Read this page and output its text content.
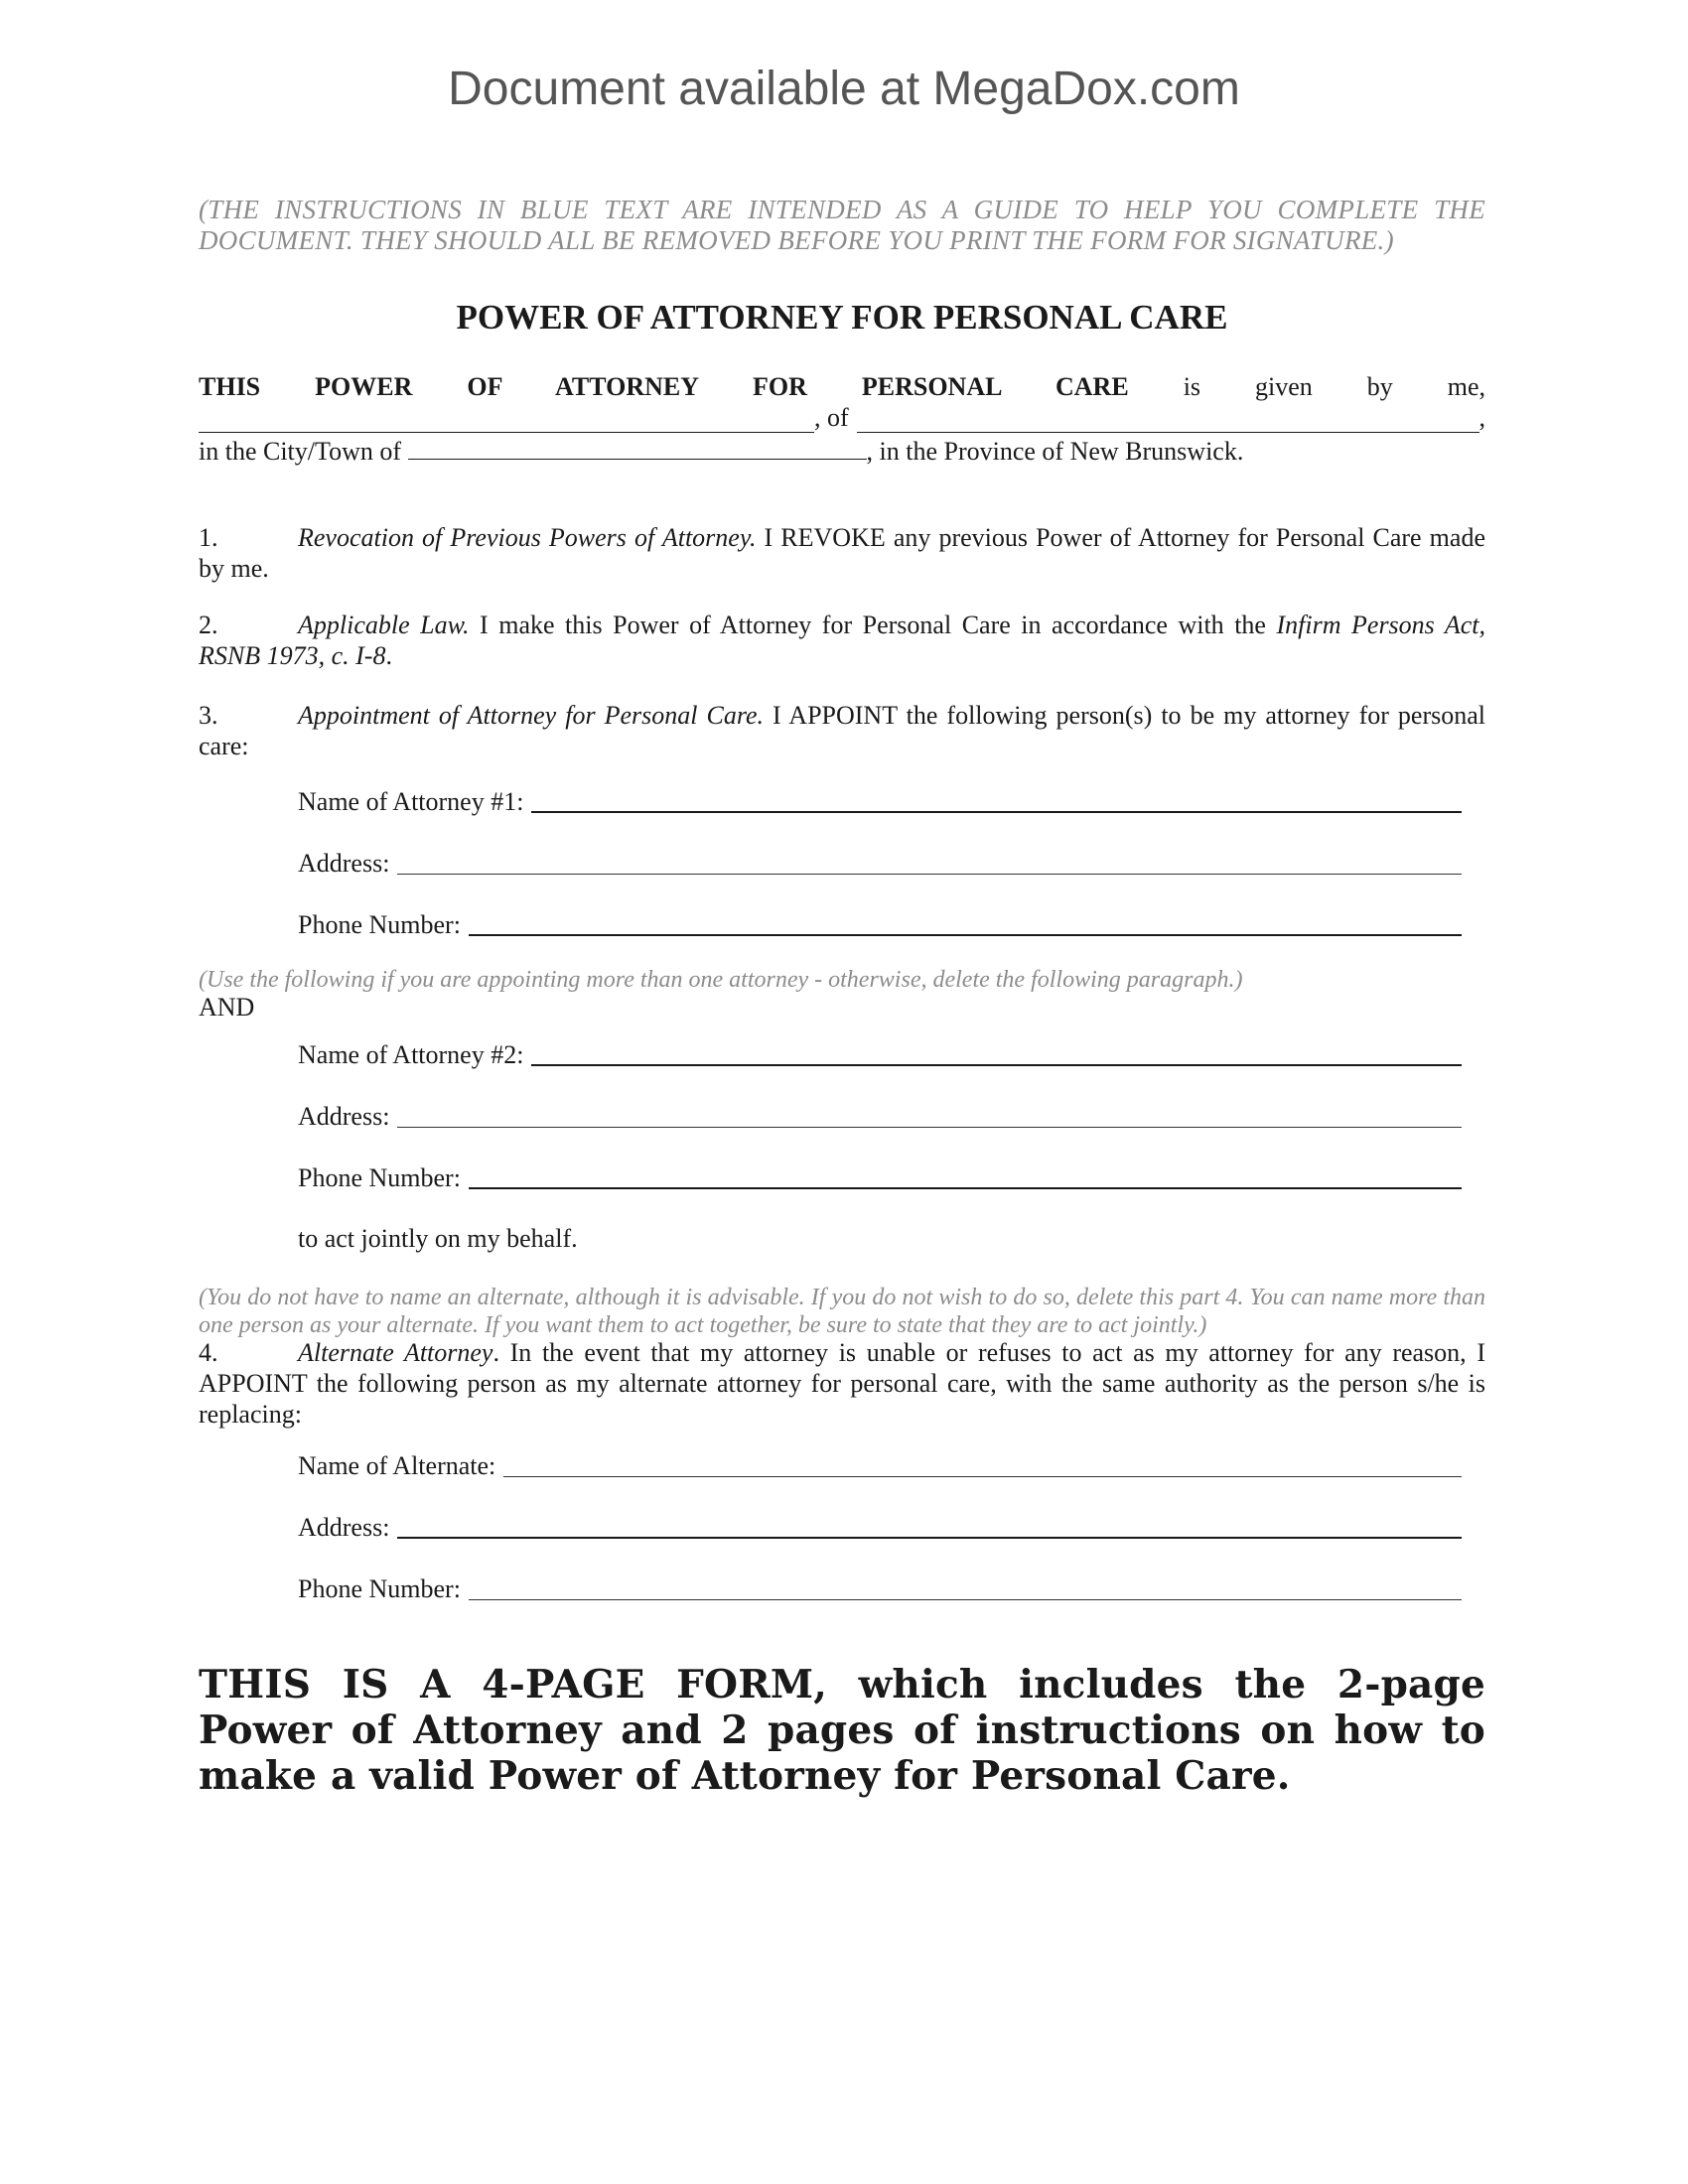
Document available at MegaDox.com
(THE INSTRUCTIONS IN BLUE TEXT ARE INTENDED AS A GUIDE TO HELP YOU COMPLETE THE DOCUMENT. THEY SHOULD ALL BE REMOVED BEFORE YOU PRINT THE FORM FOR SIGNATURE.)
POWER OF ATTORNEY FOR PERSONAL CARE
THIS POWER OF ATTORNEY FOR PERSONAL CARE is given by me,
, of	,
in the City/Town of	, in the Province of New Brunswick.
1.	Revocation of Previous Powers of Attorney. I REVOKE any previous Power of Attorney for Personal Care made by me.
2.	Applicable Law. I make this Power of Attorney for Personal Care in accordance with the Infirm Persons Act, RSNB 1973, c. I-8.
3.	Appointment of Attorney for Personal Care. I APPOINT the following person(s) to be my attorney for personal care:
Name of Attorney #1:
Address:
Phone Number:
(Use the following if you are appointing more than one attorney - otherwise, delete the following paragraph.)
AND
Name of Attorney #2:
Address:
Phone Number:
to act jointly on my behalf.
(You do not have to name an alternate, although it is advisable. If you do not wish to do so, delete this part 4. You can name more than one person as your alternate. If you want them to act together, be sure to state that they are to act jointly.)
4.	Alternate Attorney. In the event that my attorney is unable or refuses to act as my attorney for any reason, I APPOINT the following person as my alternate attorney for personal care, with the same authority as the person s/he is replacing:
Name of Alternate:
Address:
Phone Number:
THIS IS A 4-PAGE FORM, which includes the 2-page Power of Attorney and 2 pages of instructions on how to make a valid Power of Attorney for Personal Care.
